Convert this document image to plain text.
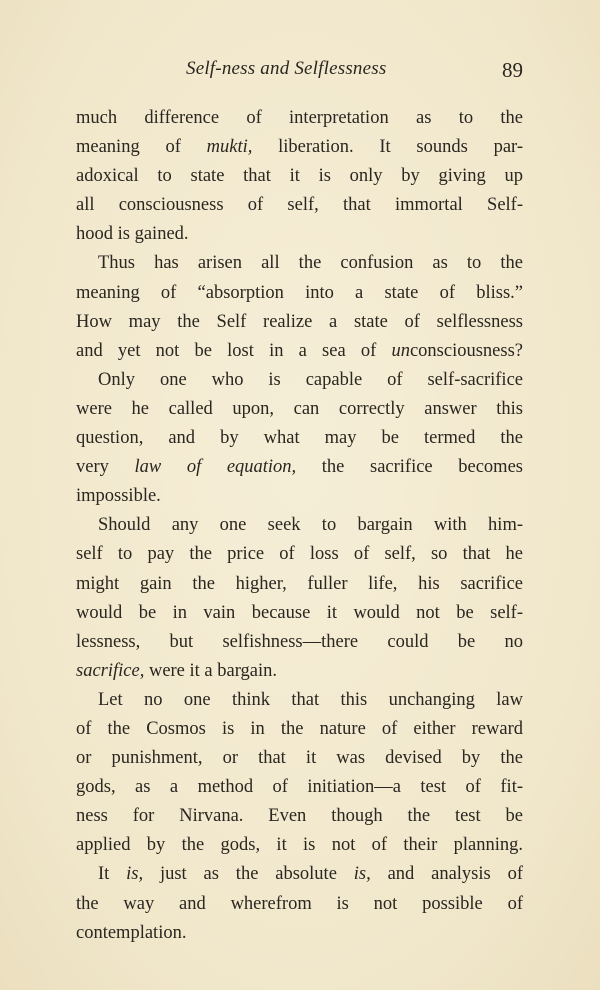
Self-ness and Selflessness	89
much difference of interpretation as to the
meaning of mukti, liberation. It sounds par-
adoxical to state that it is only by giving up
all consciousness of self, that immortal Self-
hood is gained.
Thus has arisen all the confusion as to the
meaning of “absorption into a state of bliss.”
How may the Self realize a state of selflessness
and yet not be lost in a sea of unconsciousness?
Only one who is capable of self-sacrifice
were he called upon, can correctly answer this
question, and by what may be termed the
very law of equation, the sacrifice becomes
impossible.
Should any one seek to bargain with him-
self to pay the price of loss of self, so that he
might gain the higher, fuller life, his sacrifice
would be in vain because it would not be self-
lessness, but selfishness—there could be no
sacrifice, were it a bargain.
Let no one think that this unchanging law
of the Cosmos is in the nature of either reward
or punishment, or that it was devised by the
gods, as a method of initiation—a test of fit-
ness for Nirvana. Even though the test be
applied by the gods, it is not of their planning.
It is, just as the absolute is, and analysis of
the way and wherefrom is not possible of
contemplation.
